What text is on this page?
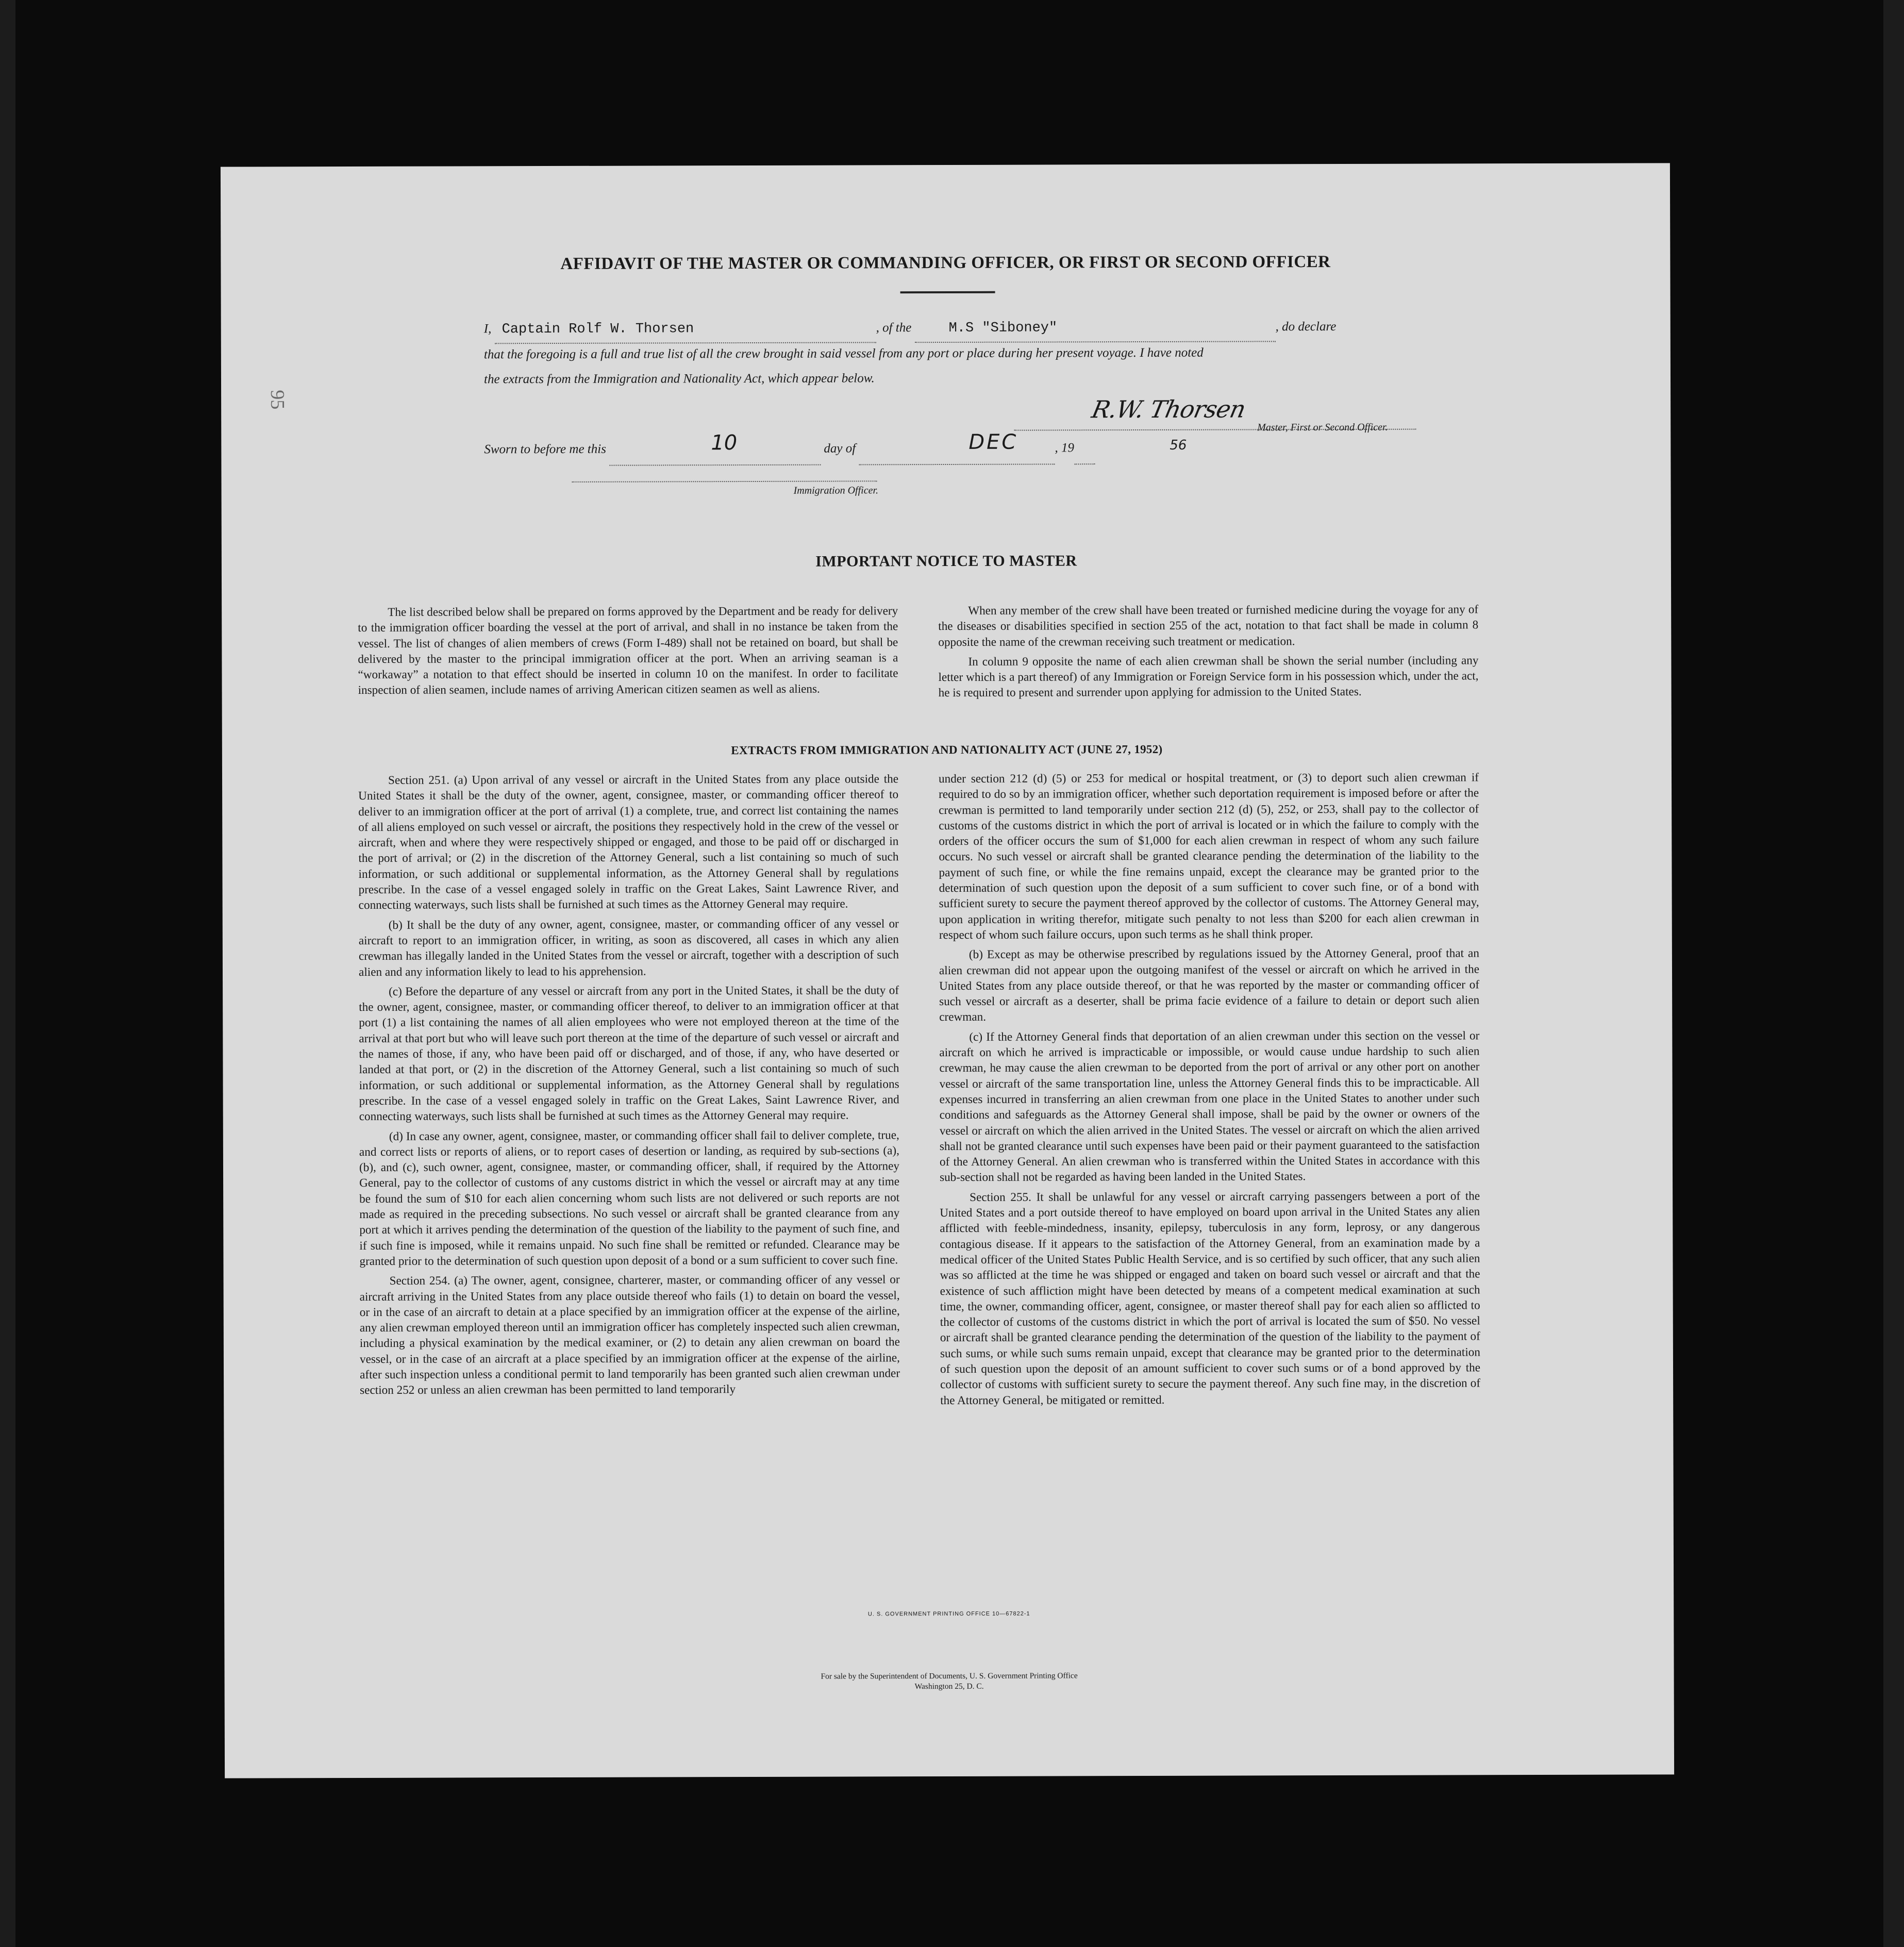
95
AFFIDAVIT OF THE MASTER OR COMMANDING OFFICER, OR FIRST OR SECOND OFFICER
I, Captain Rolf W. Thorsen	, of the	M.S "Siboney"	, do declare
that the foregoing is a full and true list of all the crew brought in said vessel from any port or place during her present voyage. I have noted
the extracts from the Immigration and Nationality Act, which appear below.
R.W. Thorsen
Master, First or Second Officer.
Sworn to before me this	day of	, 19
10	DEC	56
Immigration Officer.
IMPORTANT NOTICE TO MASTER

The list described below shall be prepared on forms approved by the Department and be ready for delivery to the immigration officer boarding the vessel at the port of arrival, and shall in no instance be taken from the vessel. The list of changes of alien members of crews (Form I-489) shall not be retained on board, but shall be delivered by the master to the principal immigration officer at the port. When an arriving seaman is a “workaway” a notation to that effect should be inserted in column 10 on the manifest. In order to facilitate inspection of alien seamen, include names of arriving American citizen seamen as well as aliens.

When any member of the crew shall have been treated or furnished medicine during the voyage for any of the diseases or disabilities specified in section 255 of the act, notation to that fact shall be made in column 8 opposite the name of the crewman receiving such treatment or medication.

In column 9 opposite the name of each alien crewman shall be shown the serial number (including any letter which is a part thereof) of any Immigration or Foreign Service form in his possession which, under the act, he is required to present and surrender upon applying for admission to the United States.

EXTRACTS FROM IMMIGRATION AND NATIONALITY ACT (JUNE 27, 1952)

Section 251. (a) Upon arrival of any vessel or aircraft in the United States from any place outside the United States it shall be the duty of the owner, agent, consignee, master, or commanding officer thereof to deliver to an immigration officer at the port of arrival (1) a complete, true, and correct list containing the names of all aliens employed on such vessel or aircraft, the positions they respectively hold in the crew of the vessel or aircraft, when and where they were respectively shipped or engaged, and those to be paid off or discharged in the port of arrival; or (2) in the discretion of the Attorney General, such a list containing so much of such information, or such additional or supplemental information, as the Attorney General shall by regulations prescribe. In the case of a vessel engaged solely in traffic on the Great Lakes, Saint Lawrence River, and connecting waterways, such lists shall be furnished at such times as the Attorney General may require.

(b) It shall be the duty of any owner, agent, consignee, master, or commanding officer of any vessel or aircraft to report to an immigration officer, in writing, as soon as discovered, all cases in which any alien crewman has illegally landed in the United States from the vessel or aircraft, together with a description of such alien and any information likely to lead to his apprehension.

(c) Before the departure of any vessel or aircraft from any port in the United States, it shall be the duty of the owner, agent, consignee, master, or commanding officer thereof, to deliver to an immigration officer at that port (1) a list containing the names of all alien employees who were not employed thereon at the time of the arrival at that port but who will leave such port thereon at the time of the departure of such vessel or aircraft and the names of those, if any, who have been paid off or discharged, and of those, if any, who have deserted or landed at that port, or (2) in the discretion of the Attorney General, such a list containing so much of such information, or such additional or supplemental information, as the Attorney General shall by regulations prescribe. In the case of a vessel engaged solely in traffic on the Great Lakes, Saint Lawrence River, and connecting waterways, such lists shall be furnished at such times as the Attorney General may require.

(d) In case any owner, agent, consignee, master, or commanding officer shall fail to deliver complete, true, and correct lists or reports of aliens, or to report cases of desertion or landing, as required by sub-sections (a), (b), and (c), such owner, agent, consignee, master, or commanding officer, shall, if required by the Attorney General, pay to the collector of customs of any customs district in which the vessel or aircraft may at any time be found the sum of $10 for each alien concerning whom such lists are not delivered or such reports are not made as required in the preceding subsections. No such vessel or aircraft shall be granted clearance from any port at which it arrives pending the determination of the question of the liability to the payment of such fine, and if such fine is imposed, while it remains unpaid. No such fine shall be remitted or refunded. Clearance may be granted prior to the determination of such question upon deposit of a bond or a sum sufficient to cover such fine.

Section 254. (a) The owner, agent, consignee, charterer, master, or commanding officer of any vessel or aircraft arriving in the United States from any place outside thereof who fails (1) to detain on board the vessel, or in the case of an aircraft to detain at a place specified by an immigration officer at the expense of the airline, any alien crewman employed thereon until an immigration officer has completely inspected such alien crewman, including a physical examination by the medical examiner, or (2) to detain any alien crewman on board the vessel, or in the case of an aircraft at a place specified by an immigration officer at the expense of the airline, after such inspection unless a conditional permit to land temporarily has been granted such alien crewman under section 252 or unless an alien crewman has been permitted to land temporarily

under section 212 (d) (5) or 253 for medical or hospital treatment, or (3) to deport such alien crewman if required to do so by an immigration officer, whether such deportation requirement is imposed before or after the crewman is permitted to land temporarily under section 212 (d) (5), 252, or 253, shall pay to the collector of customs of the customs district in which the port of arrival is located or in which the failure to comply with the orders of the officer occurs the sum of $1,000 for each alien crewman in respect of whom any such failure occurs. No such vessel or aircraft shall be granted clearance pending the determination of the liability to the payment of such fine, or while the fine remains unpaid, except the clearance may be granted prior to the determination of such question upon the deposit of a sum sufficient to cover such fine, or of a bond with sufficient surety to secure the payment thereof approved by the collector of customs. The Attorney General may, upon application in writing therefor, mitigate such penalty to not less than $200 for each alien crewman in respect of whom such failure occurs, upon such terms as he shall think proper.

(b) Except as may be otherwise prescribed by regulations issued by the Attorney General, proof that an alien crewman did not appear upon the outgoing manifest of the vessel or aircraft on which he arrived in the United States from any place outside thereof, or that he was reported by the master or commanding officer of such vessel or aircraft as a deserter, shall be prima facie evidence of a failure to detain or deport such alien crewman.

(c) If the Attorney General finds that deportation of an alien crewman under this section on the vessel or aircraft on which he arrived is impracticable or impossible, or would cause undue hardship to such alien crewman, he may cause the alien crewman to be deported from the port of arrival or any other port on another vessel or aircraft of the same transportation line, unless the Attorney General finds this to be impracticable. All expenses incurred in transferring an alien crewman from one place in the United States to another under such conditions and safeguards as the Attorney General shall impose, shall be paid by the owner or owners of the vessel or aircraft on which the alien arrived in the United States. The vessel or aircraft on which the alien arrived shall not be granted clearance until such expenses have been paid or their payment guaranteed to the satisfaction of the Attorney General. An alien crewman who is transferred within the United States in accordance with this sub-section shall not be regarded as having been landed in the United States.

Section 255. It shall be unlawful for any vessel or aircraft carrying passengers between a port of the United States and a port outside thereof to have employed on board upon arrival in the United States any alien afflicted with feeble-mindedness, insanity, epilepsy, tuberculosis in any form, leprosy, or any dangerous contagious disease. If it appears to the satisfaction of the Attorney General, from an examination made by a medical officer of the United States Public Health Service, and is so certified by such officer, that any such alien was so afflicted at the time he was shipped or engaged and taken on board such vessel or aircraft and that the existence of such affliction might have been detected by means of a competent medical examination at such time, the owner, commanding officer, agent, consignee, or master thereof shall pay for each alien so afflicted to the collector of customs of the customs district in which the port of arrival is located the sum of $50. No vessel or aircraft shall be granted clearance pending the determination of the question of the liability to the payment of such sums, or while such sums remain unpaid, except that clearance may be granted prior to the determination of such question upon the deposit of an amount sufficient to cover such sums or of a bond approved by the collector of customs with sufficient surety to secure the payment thereof. Any such fine may, in the discretion of the Attorney General, be mitigated or remitted.

U. S. GOVERNMENT PRINTING OFFICE 10—67822-1
For sale by the Superintendent of Documents, U. S. Government Printing Office
Washington 25, D. C.
